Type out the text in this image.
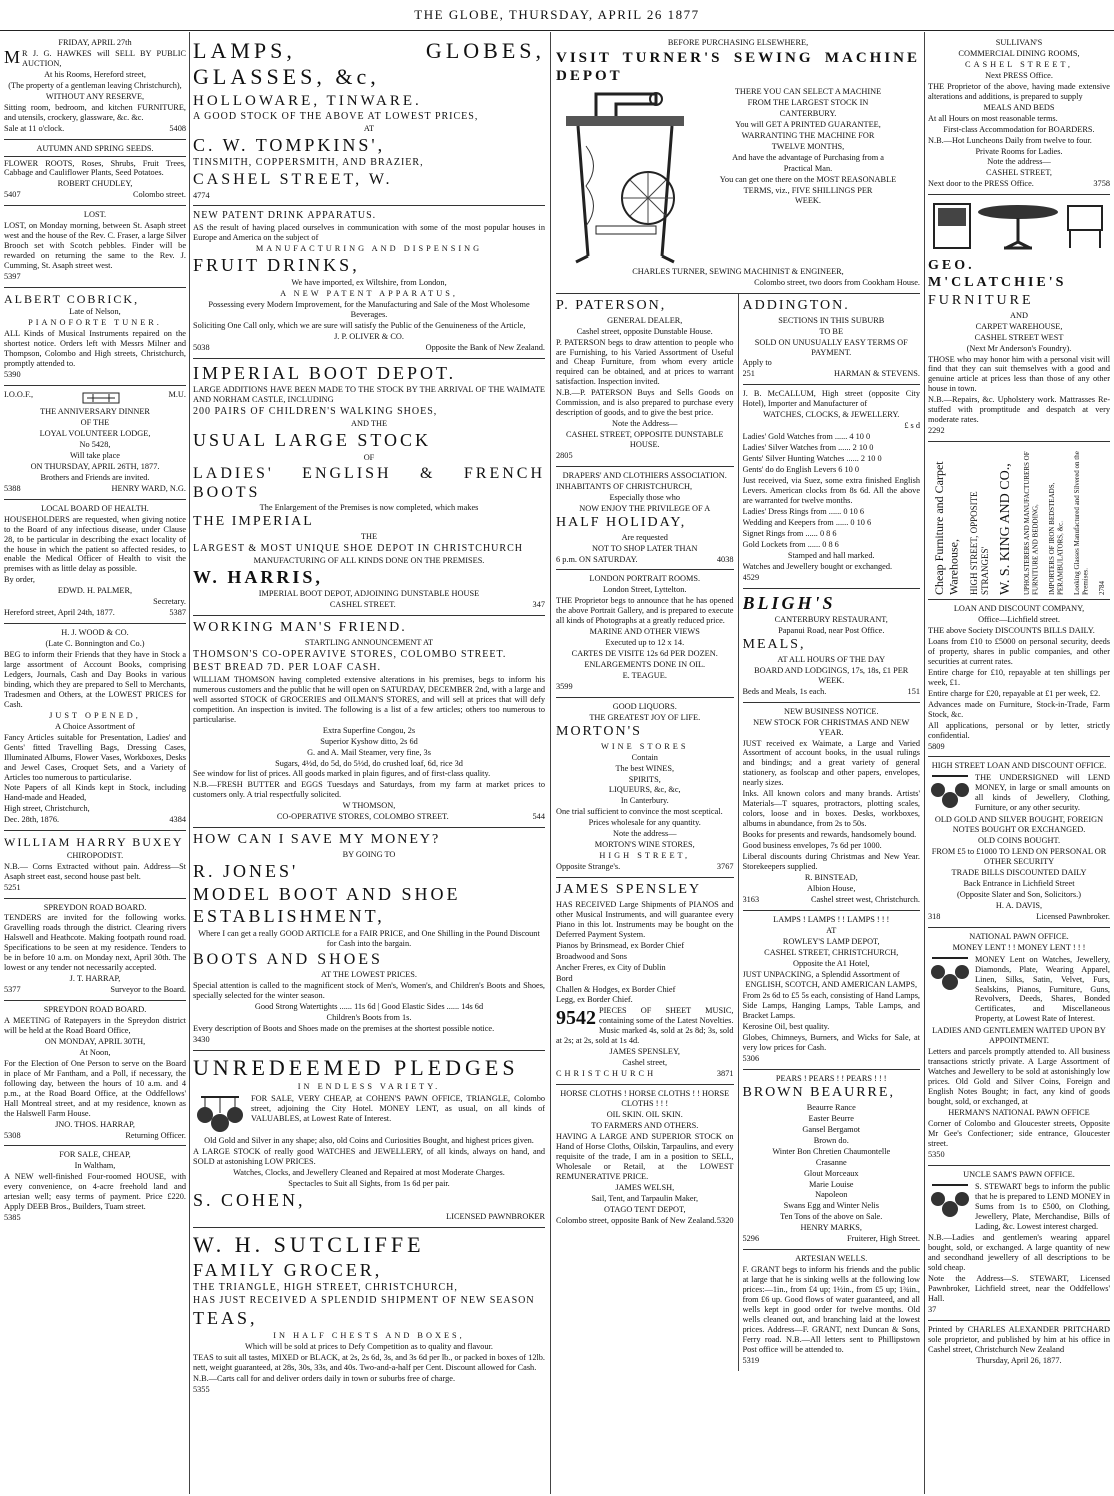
THE GLOBE, THURSDAY, APRIL 26 1877

FRIDAY, APRIL 27th

M R J. G. HAWKES will SELL BY PUBLIC AUCTION,

At his Rooms, Hereford street,

(The property of a gentleman leaving Christchurch),

WITHOUT ANY RESERVE,

Sitting room, bedroom, and kitchen FURNITURE, and utensils, crockery, glassware, &c. &c.

Sale at 11 o'clock.	5408

AUTUMN AND SPRING SEEDS.

FLOWER ROOTS, Roses, Shrubs, Fruit Trees, Cabbage and Cauliflower Plants, Seed Potatoes.

ROBERT CHUDLEY,

5407	Colombo street.

LOST.

LOST, on Monday morning, between St. Asaph street west and the house of the Rev. C. Fraser, a large Silver Brooch set with Scotch pebbles. Finder will be rewarded on returning the same to the Rev. J. Cumming, St. Asaph street west.

5397

ALBERT COBRICK,

Late of Nelson,

PIANOFORTE TUNER.

ALL Kinds of Musical Instruments repaired on the shortest notice. Orders left with Messrs Milner and Thompson, Colombo and High streets, Christchurch, promptly attended to.

5390

I.O.O.F.,	M.U.

THE ANNIVERSARY DINNER

OF THE

LOYAL VOLUNTEER LODGE,

No 5428,

Will take place

ON THURSDAY, APRIL 26TH, 1877.

Brothers and Friends are invited.

5388	HENRY WARD, N.G.

LOCAL BOARD OF HEALTH.

HOUSEHOLDERS are requested, when giving notice to the Board of any infectious disease, under Clause 28, to be particular in describing the exact locality of the house in which the patient so affected resides, to enable the Medical Officer of Health to visit the premises with as little delay as possible.

By order,

EDWD. H. PALMER,

Secretary.

Hereford street, April 24th, 1877.	5387

H. J. WOOD & CO.

(Late C. Bonnington and Co.)

BEG to inform their Friends that they have in Stock a large assortment of Account Books, comprising Ledgers, Journals, Cash and Day Books in various binding, which they are prepared to Sell to Merchants, Tradesmen and Others, at the LOWEST PRICES for Cash.

JUST OPENED,

A Choice Assortment of

Fancy Articles suitable for Presentation, Ladies' and Gents' fitted Travelling Bags, Dressing Cases, Illuminated Albums, Flower Vases, Workboxes, Desks and Jewel Cases, Croquet Sets, and a Variety of Articles too numerous to particularise.

Note Papers of all Kinds kept in Stock, including Hand-made and Headed,

High street, Christchurch,

Dec. 28th, 1876.	4384

WILLIAM HARRY BUXEY

CHIROPODIST.

N.B.— Corns Extracted without pain. Address—St Asaph street east, second house past belt.

5251

SPREYDON ROAD BOARD.

TENDERS are invited for the following works. Gravelling roads through the district. Clearing rivers Halswell and Heathcote. Making footpath round road. Specifications to be seen at my residence. Tenders to be in before 10 a.m. on Monday next, April 30th. The lowest or any tender not necessarily accepted.

J. T. HARRAP,

5377	Surveyor to the Board.

SPREYDON ROAD BOARD.

A MEETING of Ratepayers in the Spreydon district will be held at the Road Board Office,

ON MONDAY, APRIL 30TH,

At Noon,

For the Election of One Person to serve on the Board in place of Mr Fantham, and a Poll, if necessary, the following day, between the hours of 10 a.m. and 4 p.m., at the Road Board Office, at the Oddfellows' Hall Montreal street, and at my residence, known as the Halswell Farm House.

JNO. THOS. HARRAP,

5308	Returning Officer.

FOR SALE, CHEAP,

In Waltham,

A NEW well-finished Four-roomed HOUSE, with every convenience, on 4-acre freehold land and artesian well; easy terms of payment. Price £220. Apply DEEB Bros., Builders, Tuam street.

5385

LAMPS, GLOBES, GLASSES, &c,

HOLLOWARE, TINWARE.

A GOOD STOCK OF THE ABOVE AT LOWEST PRICES,

AT

C. W. TOMPKINS',

TINSMITH, COPPERSMITH, AND BRAZIER,

CASHEL STREET, W.

4774

NEW PATENT DRINK APPARATUS.

AS the result of having placed ourselves in communication with some of the most popular houses in Europe and America on the subject of

MANUFACTURING AND DISPENSING

FRUIT DRINKS,

We have imported, ex Wiltshire, from London,

A NEW PATENT APPARATUS,

Possessing every Modern Improvement, for the Manufacturing and Sale of the Most Wholesome Beverages.

Soliciting One Call only, which we are sure will satisfy the Public of the Genuineness of the Article,

J. P. OLIVER & CO.

5038	Opposite the Bank of New Zealand.

IMPERIAL BOOT DEPOT.

LARGE ADDITIONS HAVE BEEN MADE TO THE STOCK BY THE ARRIVAL OF THE WAIMATE AND NORHAM CASTLE, INCLUDING

200 PAIRS OF CHILDREN'S WALKING SHOES,

AND THE

USUAL LARGE STOCK

OF

LADIES' ENGLISH & FRENCH BOOTS

The Enlargement of the Premises is now completed, which makes

THE IMPERIAL

THE

LARGEST & MOST UNIQUE SHOE DEPOT IN CHRISTCHURCH

MANUFACTURING OF ALL KINDS DONE ON THE PREMISES.

W. HARRIS,

IMPERIAL BOOT DEPOT, ADJOINING DUNSTABLE HOUSE

CASHEL STREET.	347

WORKING MAN'S FRIEND.

STARTLING ANNOUNCEMENT AT

THOMSON'S CO-OPERAVIVE STORES, COLOMBO STREET.

BEST BREAD 7D. PER LOAF CASH.

WILLIAM THOMSON having completed extensive alterations in his premises, begs to inform his numerous customers and the public that he will open on SATURDAY, DECEMBER 2nd, with a large and well assorted STOCK of GROCERIES and OILMAN'S STORES, and will sell at prices that will defy competition. An inspection is invited. The following is a list of a few articles; others too numerous to particularise.

Extra Superfine Congou, 2s

Superior Kyshow ditto, 2s 6d

G. and A. Mail Steamer, very fine, 3s

Sugars, 4½d, do 5d, do 5½d, do crushed loaf, 6d, rice 3d

See window for list of prices. All goods marked in plain figures, and of first-class quality.

N.B.—FRESH BUTTER and EGGS Tuesdays and Saturdays, from my farm at market prices to customers only. A trial respectfully solicited.

W THOMSON,

CO-OPERATIVE STORES, COLOMBO STREET.	544

HOW CAN I SAVE MY MONEY?

BY GOING TO

R. JONES'

MODEL BOOT AND SHOE

ESTABLISHMENT,

Where I can get a really GOOD ARTICLE for a FAIR PRICE, and One Shilling in the Pound Discount for Cash into the bargain.

BOOTS AND SHOES

AT THE LOWEST PRICES.

Special attention is called to the magnificent stock of Men's, Women's, and Children's Boots and Shoes, specially selected for the winter season.

Good Strong Watertights ...... 11s 6d | Good Elastic Sides ...... 14s 6d

Children's Boots from 1s.

Every description of Boots and Shoes made on the premises at the shortest possible notice.

3430

UNREDEEMED PLEDGES

IN ENDLESS VARIETY.

FOR SALE, VERY CHEAP, at COHEN'S PAWN OFFICE, TRIANGLE, Colombo street, adjoining the City Hotel. MONEY LENT, as usual, on all kinds of VALUABLES, at Lowest Rate of Interest.

Old Gold and Silver in any shape; also, old Coins and Curiosities Bought, and highest prices given.

A LARGE STOCK of really good WATCHES and JEWELLERY, of all kinds, always on hand, and SOLD at astonishing LOW PRICES.

Watches, Clocks, and Jewellery Cleaned and Repaired at most Moderate Charges.

Spectacles to Suit all Sights, from 1s 6d per pair.

S. COHEN,

LICENSED PAWNBROKER

W. H. SUTCLIFFE

FAMILY GROCER,

THE TRIANGLE, HIGH STREET, CHRISTCHURCH,

HAS JUST RECEIVED A SPLENDID SHIPMENT OF NEW SEASON

TEAS,

IN HALF CHESTS AND BOXES,

Which will be sold at prices to Defy Competition as to quality and flavour.

TEAS to suit all tastes, MIXED or BLACK, at 2s, 2s 6d, 3s, and 3s 6d per lb., or packed in boxes of 12lb. nett, weight guaranteed, at 28s, 30s, 33s, and 40s. Two-and-a-half per Cent. Discount allowed for Cash.

N.B.—Carts call for and deliver orders daily in town or suburbs free of charge.

5355

BEFORE PURCHASING ELSEWHERE,

VISIT TURNER'S SEWING MACHINE DEPOT

THERE YOU CAN SELECT A MACHINE

FROM THE LARGEST STOCK IN

CANTERBURY.

You will GET A PRINTED GUARANTEE,

WARRANTING THE MACHINE FOR

TWELVE MONTHS,

And have the advantage of Purchasing from a

Practical Man.

You can get one there on the MOST REASONABLE

TERMS, viz., FIVE SHILLINGS PER

WEEK.

CHARLES TURNER, SEWING MACHINIST & ENGINEER,

Colombo street, two doors from Cookham House.

P. PATERSON,

GENERAL DEALER,

Cashel street, opposite Dunstable House.

P. PATERSON begs to draw attention to people who are Furnishing, to his Varied Assortment of Useful and Cheap Furniture, from whom every article required can be obtained, and at prices to warrant satisfaction. Inspection invited.

N.B.—P. PATERSON Buys and Sells Goods on Commission, and is also prepared to purchase every description of goods, and to give the best price.

Note the Address—

CASHEL STREET, OPPOSITE DUNSTABLE HOUSE.

2805

DRAPERS' AND CLOTHIERS ASSOCIATION.

INHABITANTS OF CHRISTCHURCH,

Especially those who

NOW ENJOY THE PRIVILEGE OF A

HALF HOLIDAY,

Are requested

NOT TO SHOP LATER THAN

6 p.m. ON SATURDAY.	4038

LONDON PORTRAIT ROOMS.

London Street, Lyttelton.

THE Proprietor begs to announce that he has opened the above Portrait Gallery, and is prepared to execute all kinds of Photographs at a greatly reduced price.

MARINE AND OTHER VIEWS

Executed up to 12 x 14.

CARTES DE VISITE 12s 6d PER DOZEN.

ENLARGEMENTS DONE IN OIL.

E. TEAGUE.

3599

GOOD LIQUORS.

THE GREATEST JOY OF LIFE.

MORTON'S

WINE STORES

Contain

The best WINES,

SPIRITS,

LIQUEURS, &c, &c,

In Canterbury.

One trial sufficient to convince the most sceptical.

Prices wholesale for any quantity.

Note the address—

MORTON'S WINE STORES,

HIGH STREET,

Opposite Strange's.	3767

JAMES SPENSLEY

HAS RECEIVED Large Shipments of PIANOS and other Musical Instruments, and will guarantee every Piano in this lot. Instruments may be bought on the Deferred Payment System.

Pianos by Brinsmead, ex Border Chief

Broadwood and Sons

Ancher Freres, ex City of Dublin

Bord

Challen & Hodges, ex Border Chief

Legg, ex Border Chief.

9542 PIECES OF SHEET MUSIC, containing some of the Latest Novelties. Music marked 4s, sold at 2s 8d; 3s, sold at 2s; at 2s, sold at 1s 4d.

JAMES SPENSLEY,

Cashel street,

CHRISTCHURCH	3871

HORSE CLOTHS ! HORSE CLOTHS ! ! HORSE CLOTHS ! ! !

OIL SKIN. OIL SKIN.

TO FARMERS AND OTHERS.

HAVING A LARGE AND SUPERIOR STOCK on Hand of Horse Cloths, Oilskin, Tarpaulins, and every requisite of the trade, I am in a position to SELL, Wholesale or Retail, at the LOWEST REMUNERATIVE PRICE.

JAMES WELSH,

Sail, Tent, and Tarpaulin Maker,

OTAGO TENT DEPOT,

Colombo street, opposite Bank of New Zealand. 5320

ADDINGTON.

SECTIONS IN THIS SUBURB

TO BE

SOLD ON UNUSUALLY EASY TERMS OF PAYMENT.

Apply to

251	HARMAN & STEVENS.

J. B. McCALLUM, High street (opposite City Hotel), Importer and Manufacturer of

WATCHES, CLOCKS, & JEWELLERY.

£ s d

Ladies' Gold Watches from ...... 4 10 0

Ladies' Silver Watches from ...... 2 10 0

Gents' Silver Hunting Watches ...... 2 10 0

Gents' do do English Levers 6 10 0

Just received, via Suez, some extra finished English Levers. American clocks from 8s 6d. All the above are warranted for twelve months.

Ladies' Dress Rings from ...... 0 10 6

Wedding and Keepers from ...... 0 10 6

Signet Rings from ...... 0 8 6

Gold Lockets from ...... 0 8 6

Stamped and hall marked.

Watches and Jewellery bought or exchanged.

4529

BLIGH'S

CANTERBURY RESTAURANT,

Papanui Road, near Post Office.

MEALS,

AT ALL HOURS OF THE DAY

BOARD AND LODGINGS, 17s, 18s, £1 PER WEEK.

Beds and Meals, 1s each.	151

NEW BUSINESS NOTICE.

NEW STOCK FOR CHRISTMAS AND NEW YEAR.

JUST received ex Waimate, a Large and Varied Assortment of account books, in the usual rulings and bindings; and a great variety of general stationery, as foolscap and other papers, envelopes, nearly sizes.

Inks. All known colors and many brands. Artists' Materials—T squares, protractors, plotting scales, colors, loose and in boxes. Desks, workboxes, albums in abundance, from 2s to 50s.

Books for presents and rewards, handsomely bound.

Good business envelopes, 7s 6d per 1000.

Liberal discounts during Christmas and New Year. Storekeepers supplied.

R. BINSTEAD,

Albion House,

3163	Cashel street west, Christchurch.

LAMPS ! LAMPS ! ! LAMPS ! ! !

AT

ROWLEY'S LAMP DEPOT,

CASHEL STREET, CHRISTCHURCH,

Opposite the A1 Hotel,

JUST UNPACKING, a Splendid Assortment of

ENGLISH, SCOTCH, AND AMERICAN LAMPS,

From 2s 6d to £5 5s each, consisting of Hand Lamps, Side Lamps, Hanging Lamps, Table Lamps, and Bracket Lamps.

Kerosine Oil, best quality.

Globes, Chimneys, Burners, and Wicks for Sale, at very low prices for Cash.

5306

PEARS ! PEARS ! ! PEARS ! ! !

BROWN BEAURRE,

Beaurre Rance

Easter Beurre

Gansel Bergamot

Brown do.

Winter Bon Chretien Chaumontelle

Crasanne

Glout Morceaux

Marie Louise

Napoleon

Swans Egg and Winter Nelis

Ten Tons of the above on Sale.

HENRY MARKS,

5296	Fruiterer, High Street.

ARTESIAN WELLS.

F. GRANT begs to inform his friends and the public at large that he is sinking wells at the following low prices:—1in., from £4 up; 1½in., from £5 up; 1¾in., from £6 up. Good flows of water guaranteed, and all wells kept in good order for twelve months. Old wells cleaned out, and branching laid at the lowest prices. Address—F. GRANT, next Duncan & Sons, Ferry road. N.B.—All letters sent to Phillipstown Post office will be attended to.

5319

SULLIVAN'S

COMMERCIAL DINING ROOMS,

CASHEL STREET,

Next PRESS Office.

THE Proprietor of the above, having made extensive alterations and additions, is prepared to supply

MEALS AND BEDS

At all Hours on most reasonable terms.

First-class Accommodation for BOARDERS.

N.B.—Hot Luncheons Daily from twelve to four.

Private Rooms for Ladies.

Note the address—

CASHEL STREET,

Next door to the PRESS Office.	3758

GEO. M'CLATCHIE'S

FURNITURE

AND

CARPET WAREHOUSE,

CASHEL STREET WEST

(Next Mr Anderson's Foundry).

THOSE who may honor him with a personal visit will find that they can suit themselves with a good and genuine article at prices less than those of any other house in town.

N.B.—Repairs, &c. Upholstery work. Mattrasses Re-stuffed with promptitude and despatch at very moderate rates.

2292

Cheap Furniture and Carpet Warehouse, HIGH STREET, OPPOSITE STRANGES' W. S. KING AND CO., UPHOLSTERERS AND MANUFACTURERS OF FURNITURE AND BEDDING, IMPORTERS OF IRON BEDSTEADS, PERAMBULATORS, &c. Looking Glasses Manufactured and Silvered on the Premises. 2784

LOAN AND DISCOUNT COMPANY,

Office—Lichfield street.

THE above Society DISCOUNTS BILLS DAILY.

Loans from £10 to £5000 on personal security, deeds of property, shares in public companies, and other securities at current rates.

Entire charge for £10, repayable at ten shillings per week, £1.

Entire charge for £20, repayable at £1 per week, £2.

Advances made on Furniture, Stock-in-Trade, Farm Stock, &c.

All applications, personal or by letter, strictly confidential.

5809

HIGH STREET LOAN AND DISCOUNT OFFICE.

THE UNDERSIGNED will LEND MONEY, in large or small amounts on all kinds of Jewellery, Clothing, Furniture, or any other security.

OLD GOLD AND SILVER BOUGHT, FOREIGN NOTES BOUGHT OR EXCHANGED.

OLD COINS BOUGHT.

FROM £5 to £1000 TO LEND ON PERSONAL OR OTHER SECURITY

TRADE BILLS DISCOUNTED DAILY

Back Entrance in Lichfield Street

(Opposite Slater and Son, Solicitors.)

H. A. DAVIS,

318	Licensed Pawnbroker.

NATIONAL PAWN OFFICE.

MONEY LENT ! ! MONEY LENT ! ! !

MONEY Lent on Watches, Jewellery, Diamonds, Plate, Wearing Apparel, Linen, Silks, Satin, Velvet, Furs, Sealskins, Pianos, Furniture, Guns, Revolvers, Deeds, Shares, Bonded Certificates, and Miscellaneous Property, at Lowest Rate of Interest.

LADIES AND GENTLEMEN WAITED UPON BY APPOINTMENT.

Letters and parcels promptly attended to. All business transactions strictly private. A Large Assortment of Watches and Jewellery to be sold at astonishingly low prices. Old Gold and Silver Coins, Foreign and English Notes Bought; in fact, any kind of goods bought, sold, or exchanged, at

HERMAN'S NATIONAL PAWN OFFICE

Corner of Colombo and Gloucester streets, Opposite Mr Gee's Confectioner; side entrance, Gloucester street.

5350

UNCLE SAM'S PAWN OFFICE.

S. STEWART begs to inform the public that he is prepared to LEND MONEY in Sums from 1s to £500, on Clothing, Jewellery, Plate, Merchandise, Bills of Lading, &c. Lowest interest charged.

N.B.—Ladies and gentlemen's wearing apparel bought, sold, or exchanged. A large quantity of new and secondhand jewellery of all descriptions to be sold cheap.

Note the Address—S. STEWART, Licensed Pawnbroker, Lichfield street, near the Oddfellows' Hall.

37

Printed by CHARLES ALEXANDER PRITCHARD sole proprietor, and published by him at his office in Cashel street, Christchurch New Zealand

Thursday, April 26, 1877.
